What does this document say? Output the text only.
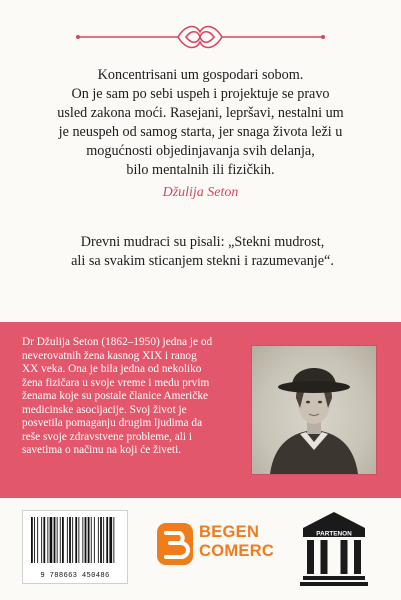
Koncentrisani um gospodari sobom.
On je sam po sebi uspeh i projektuje se pravo
usled zakona moći. Rasejani, lepršavi, nestalni um
je neuspeh od samog starta, jer snaga života leži u
mogućnosti objedinjavanja svih delanja,
bilo mentalnih ili fizičkih.

Džulija Seton

Drevni mudraci su pisali: „Stekni mudrost,
ali sa svakim sticanjem stekni i razumevanje“.

Dr Džulija Seton (1862–1950) jedna je od
neverovatnih žena kasnog XIX i ranog
XX veka. Ona je bila jedna od nekoliko
žena fizičara u svoje vreme i medu prvim
ženama koje su postale članice Američke
medicinske asocijacije. Svoj život je
posvetila pomaganju drugim ljudima da
reše svoje zdravstvene probleme, ali i
savetima o načinu na koji će živeti.

9 788663 450486
BEGEN
COMERC
PARTENON
